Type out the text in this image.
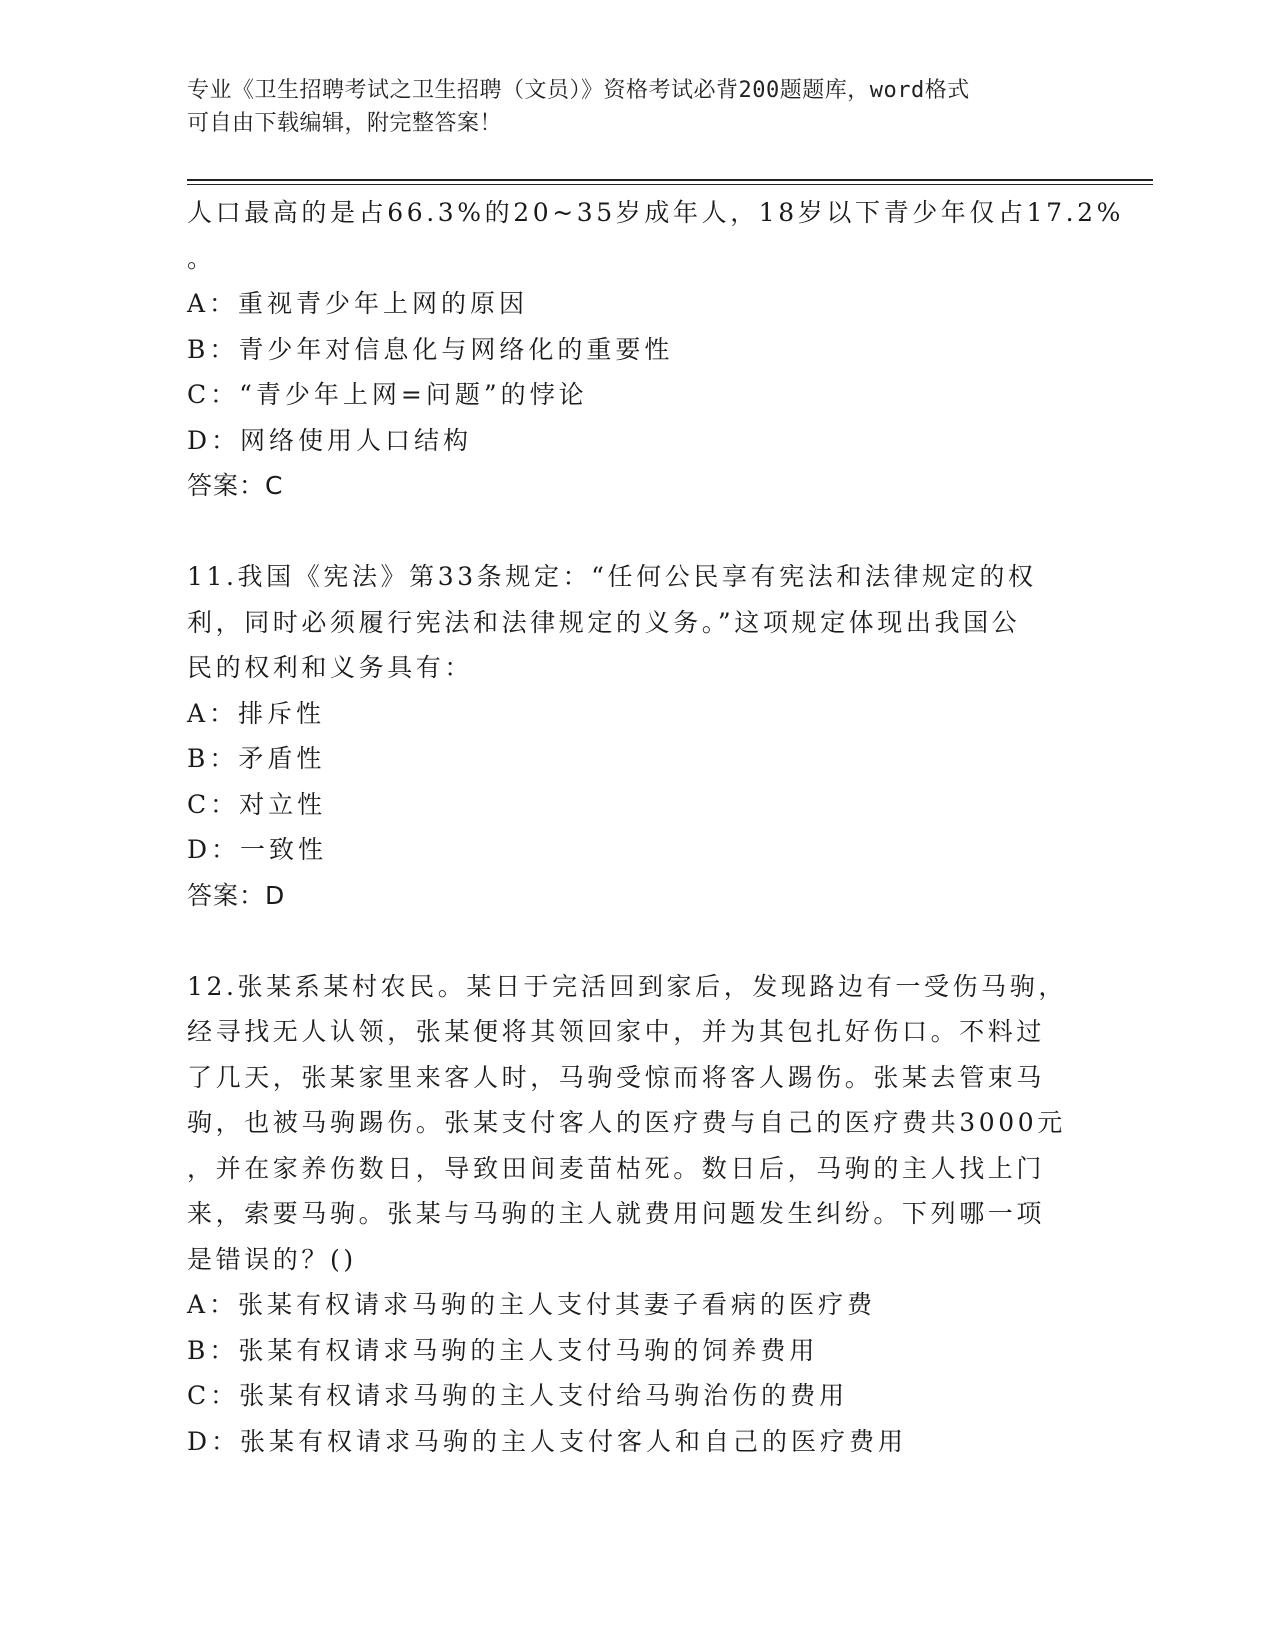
专业《卫生招聘考试之卫生招聘（文员）》资格考试必背200题题库，word格式
可自由下载编辑，附完整答案！
人口最高的是占66.3%的20~35岁成年人，18岁以下青少年仅占17.2%
。
A：重视青少年上网的原因
B：青少年对信息化与网络化的重要性
C：“青少年上网=问题”的悖论
D：网络使用人口结构
答案：C
11.我国《宪法》第33条规定：“任何公民享有宪法和法律规定的权
利，同时必须履行宪法和法律规定的义务。”这项规定体现出我国公
民的权利和义务具有：
A：排斥性
B：矛盾性
C：对立性
D：一致性
答案：D
12.张某系某村农民。某日于完活回到家后，发现路边有一受伤马驹，
经寻找无人认领，张某便将其领回家中，并为其包扎好伤口。不料过
了几天，张某家里来客人时，马驹受惊而将客人踢伤。张某去管束马
驹，也被马驹踢伤。张某支付客人的医疗费与自己的医疗费共3000元
，并在家养伤数日，导致田间麦苗枯死。数日后，马驹的主人找上门
来，索要马驹。张某与马驹的主人就费用问题发生纠纷。下列哪一项
是错误的？()
A：张某有权请求马驹的主人支付其妻子看病的医疗费
B：张某有权请求马驹的主人支付马驹的饲养费用
C：张某有权请求马驹的主人支付给马驹治伤的费用
D：张某有权请求马驹的主人支付客人和自己的医疗费用
